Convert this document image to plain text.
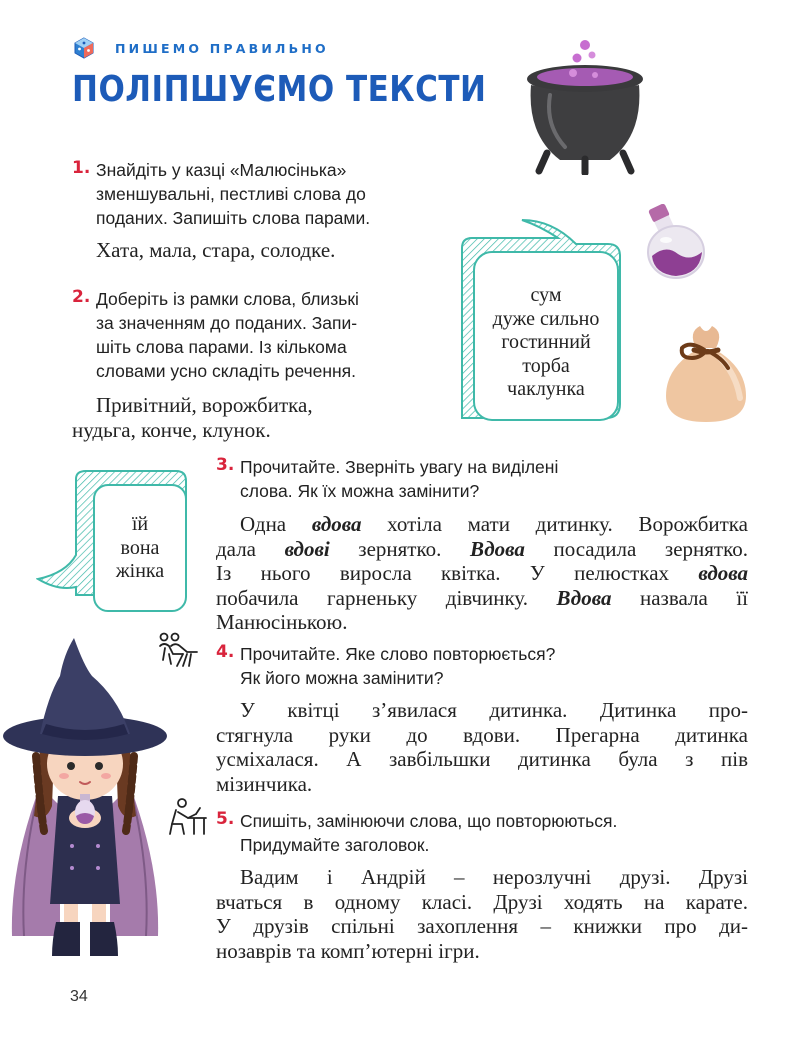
ПИШЕМО ПРАВИЛЬНО
ПОЛІПШУЄМО ТЕКСТИ
1. Знайдіть у казці «Малюсінька»
зменшувальні, пестливі слова до
поданих. Запишіть слова парами.
Хата, мала, стара, солодке.
2. Доберіть із рамки слова, близькі
за значенням до поданих. Запи-
шіть слова парами. Із кількома
словами усно складіть речення.
Привітний, ворожбитка,
нудьга, конче, клунок.
сум
дуже сильно
гостинний
торба
чаклунка
їй
вона
жінка
3. Прочитайте. Зверніть увагу на виділені
слова. Як їх можна замінити?
Одна вдова хотіла мати дитинку. Ворожбитка
дала вдові зернятко. Вдова посадила зернятко.
Із нього виросла квітка. У пелюстках вдова
побачила гарненьку дівчинку. Вдова назвала її
Манюсінькою.
4. Прочитайте. Яке слово повторюється?
Як його можна замінити?
У квітці з’явилася дитинка. Дитинка про-
стягнула руки до вдови. Прегарна дитинка
усміхалася. А завбільшки дитинка була з пів
мізинчика.
5. Спишіть, замінюючи слова, що повторюються.
Придумайте заголовок.
Вадим і Андрій – нерозлучні друзі. Друзі
вчаться в одному класі. Друзі ходять на карате.
У друзів спільні захоплення – книжки про ди-
нозаврів та комп’ютерні ігри.
34
